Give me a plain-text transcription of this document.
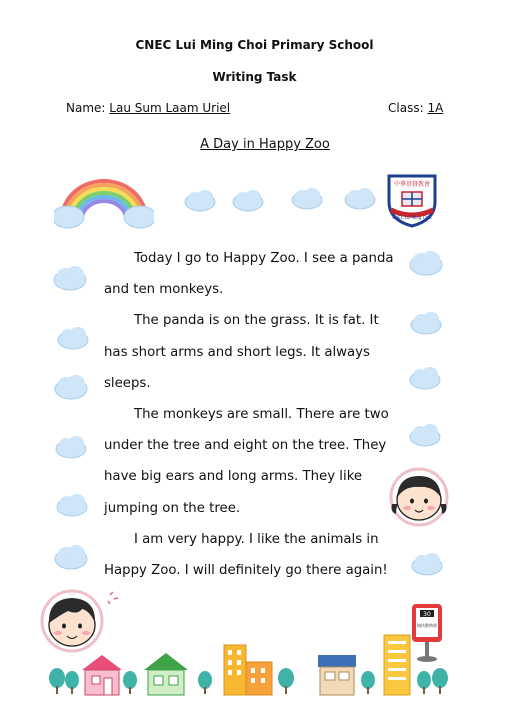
CNEC Lui Ming Choi Primary School
Writing Task
Name: Lau Sum Laam Uriel	Class: 1A
A Day in Happy Zoo
中華基督教會
CNEC Lui Ming Choi

Today I go to Happy Zoo. I see a panda and ten monkeys.

The panda is on the grass. It is fat. It has short arms and short legs. It always sleeps.

The monkeys are small. There are two under the tree and eight on the tree. They have big ears and long arms. They like jumping on the tree.

I am very happy. I like the animals in Happy Zoo. I will definitely go there again!

30
愉快動物園
